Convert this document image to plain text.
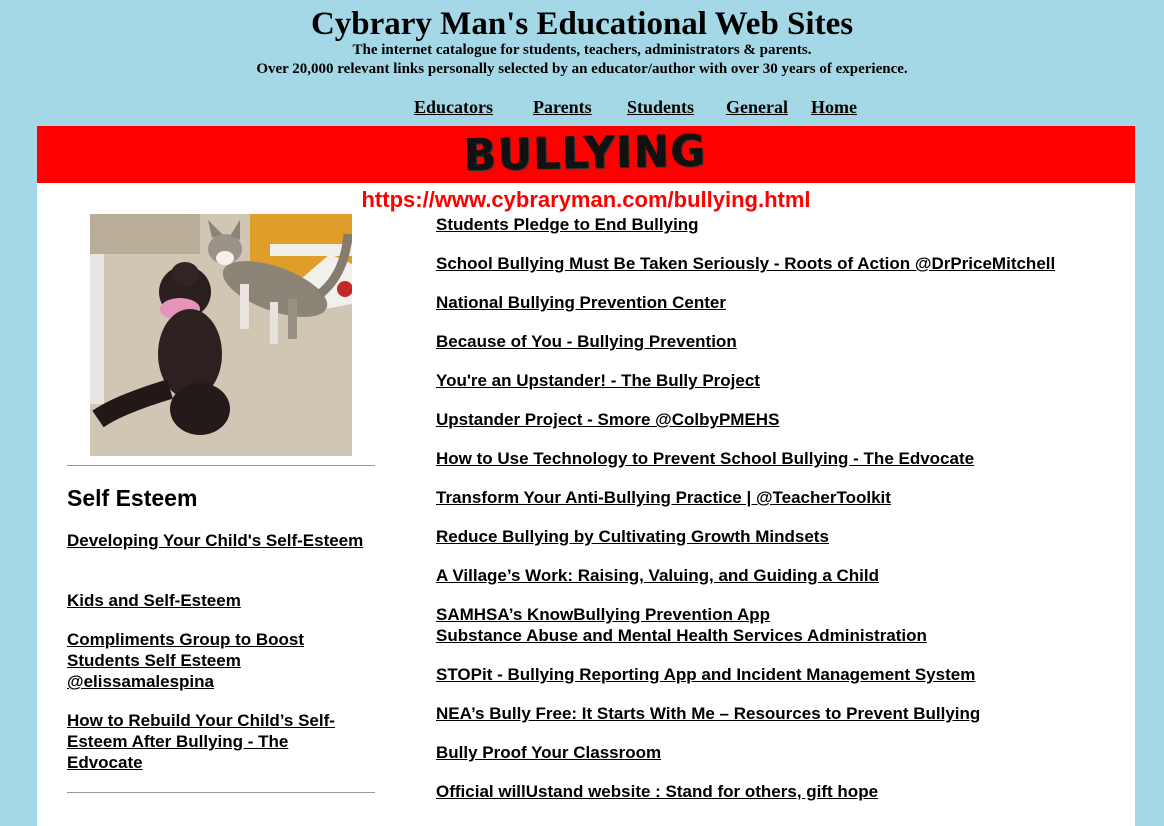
Cybrary Man's Educational Web Sites

The internet catalogue for students, teachers, administrators & parents.
Over 20,000 relevant links personally selected by an educator/author with over 30 years of experience.

Educators Parents Students General Home
BULLYING
https://www.cybraryman.com/bullying.html
Self Esteem
Developing Your Child's Self-Esteem
Kids and Self-Esteem
Compliments Group to Boost Students Self Esteem @elissamalespina
How to Rebuild Your Child’s Self-Esteem After Bullying - The Edvocate
Students Pledge to End Bullying
School Bullying Must Be Taken Seriously - Roots of Action @DrPriceMitchell
National Bullying Prevention Center
Because of You - Bullying Prevention
You're an Upstander! - The Bully Project
Upstander Project - Smore @ColbyPMEHS
How to Use Technology to Prevent School Bullying - The Edvocate
Transform Your Anti-Bullying Practice | @TeacherToolkit
Reduce Bullying by Cultivating Growth Mindsets
A Village’s Work: Raising, Valuing, and Guiding a Child
SAMHSA’s KnowBullying Prevention App
Substance Abuse and Mental Health Services Administration
STOPit - Bullying Reporting App and Incident Management System
NEA’s Bully Free: It Starts With Me – Resources to Prevent Bullying
Bully Proof Your Classroom
Official willUstand website : Stand for others, gift hope
